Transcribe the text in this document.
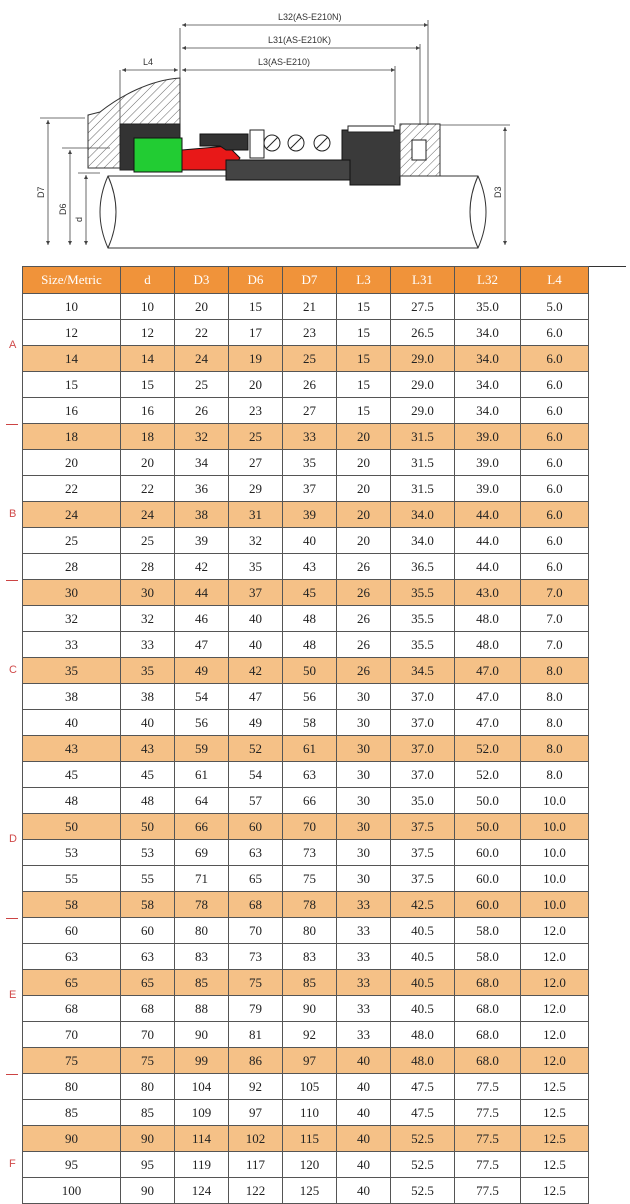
L32(AS-E210N)
L31(AS-E210K)
L3(AS-E210)
L4
D7
D6
d
D3
A
B
C
D
E
F
Size/Metric	d	D3	D6	D7	L3	L31	L32	L4
10	10	20	15	21	15	27.5	35.0	5.0
12	12	22	17	23	15	26.5	34.0	6.0
14	14	24	19	25	15	29.0	34.0	6.0
15	15	25	20	26	15	29.0	34.0	6.0
16	16	26	23	27	15	29.0	34.0	6.0
18	18	32	25	33	20	31.5	39.0	6.0
20	20	34	27	35	20	31.5	39.0	6.0
22	22	36	29	37	20	31.5	39.0	6.0
24	24	38	31	39	20	34.0	44.0	6.0
25	25	39	32	40	20	34.0	44.0	6.0
28	28	42	35	43	26	36.5	44.0	6.0
30	30	44	37	45	26	35.5	43.0	7.0
32	32	46	40	48	26	35.5	48.0	7.0
33	33	47	40	48	26	35.5	48.0	7.0
35	35	49	42	50	26	34.5	47.0	8.0
38	38	54	47	56	30	37.0	47.0	8.0
40	40	56	49	58	30	37.0	47.0	8.0
43	43	59	52	61	30	37.0	52.0	8.0
45	45	61	54	63	30	37.0	52.0	8.0
48	48	64	57	66	30	35.0	50.0	10.0
50	50	66	60	70	30	37.5	50.0	10.0
53	53	69	63	73	30	37.5	60.0	10.0
55	55	71	65	75	30	37.5	60.0	10.0
58	58	78	68	78	33	42.5	60.0	10.0
60	60	80	70	80	33	40.5	58.0	12.0
63	63	83	73	83	33	40.5	58.0	12.0
65	65	85	75	85	33	40.5	68.0	12.0
68	68	88	79	90	33	40.5	68.0	12.0
70	70	90	81	92	33	48.0	68.0	12.0
75	75	99	86	97	40	48.0	68.0	12.0
80	80	104	92	105	40	47.5	77.5	12.5
85	85	109	97	110	40	47.5	77.5	12.5
90	90	114	102	115	40	52.5	77.5	12.5
95	95	119	117	120	40	52.5	77.5	12.5
100	90	124	122	125	40	52.5	77.5	12.5
